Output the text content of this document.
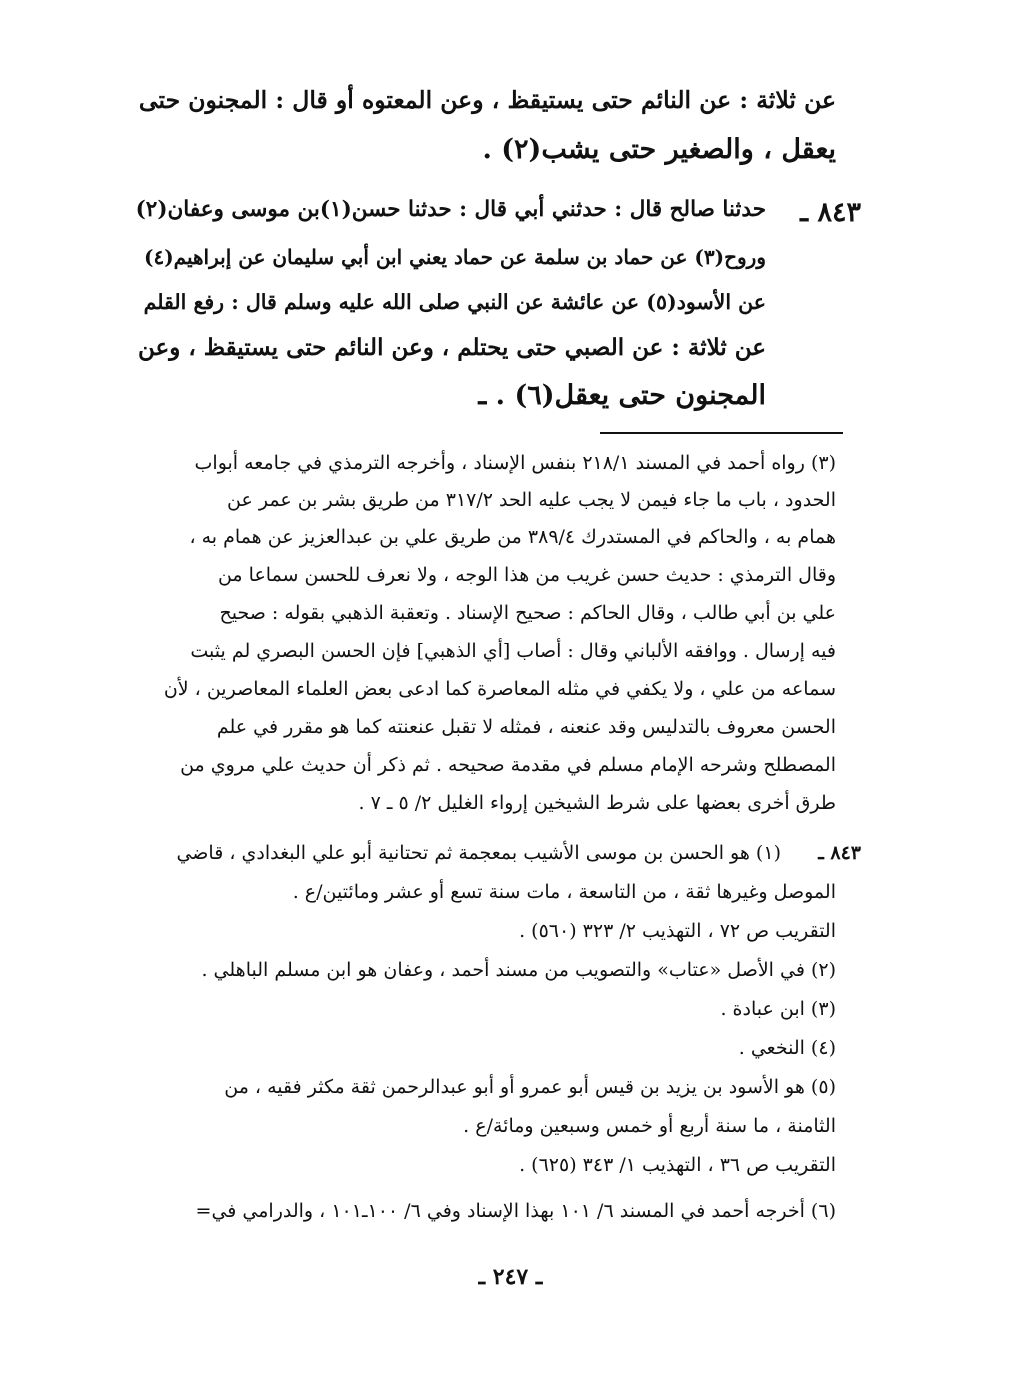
عن ثلاثة : عن النائم حتى يستيقظ ، وعن المعتوه أو قال : المجنون حتى
يعقل ، والصغير حتى يشب(٢) .
٨٤٣ ـ
حدثنا صالح قال : حدثني أبي قال : حدثنا حسن(١)بن موسى وعفان(٢)
وروح(٣) عن حماد بن سلمة عن حماد يعني ابن أبي سليمان عن إبراهيم(٤)
عن الأسود(٥) عن عائشة عن النبي صلى الله عليه وسلم قال : رفع القلم
عن ثلاثة : عن الصبي حتى يحتلم ، وعن النائم حتى يستيقظ ، وعن
المجنون حتى يعقل(٦) . ـ
(٣) رواه أحمد في المسند ٢١٨/١ بنفس الإسناد ، وأخرجه الترمذي في جامعه أبواب
الحدود ، باب ما جاء فيمن لا يجب عليه الحد ٣١٧/٢ من طريق بشر بن عمر عن
همام به ، والحاكم في المستدرك ٣٨٩/٤ من طريق علي بن عبدالعزيز عن همام به ،
وقال الترمذي : حديث حسن غريب من هذا الوجه ، ولا نعرف للحسن سماعا من
علي بن أبي طالب ، وقال الحاكم : صحيح الإسناد . وتعقبة الذهبي بقوله : صحيح
فيه إرسال . ووافقه الألباني وقال : أصاب [أي الذهبي] فإن الحسن البصري لم يثبت
سماعه من علي ، ولا يكفي في مثله المعاصرة كما ادعى بعض العلماء المعاصرين ، لأن
الحسن معروف بالتدليس وقد عنعنه ، فمثله لا تقبل عنعنته كما هو مقرر في علم
المصطلح وشرحه الإمام مسلم في مقدمة صحيحه . ثم ذكر أن حديث علي مروي من
طرق أخرى بعضها على شرط الشيخين إرواء الغليل ٢/ ٥ ـ ٧ .
٨٤٣ ـ
(١) هو الحسن بن موسى الأشيب بمعجمة ثم تحتانية أبو علي البغدادي ، قاضي
الموصل وغيرها ثقة ، من التاسعة ، مات سنة تسع أو عشر ومائتين/ع .
التقريب ص ٧٢ ، التهذيب ٢/ ٣٢٣ (٥٦٠) .
(٢) في الأصل «عتاب» والتصويب من مسند أحمد ، وعفان هو ابن مسلم الباهلي .
(٣) ابن عبادة .
(٤) النخعي .
(٥) هو الأسود بن يزيد بن قيس أبو عمرو أو أبو عبدالرحمن ثقة مكثر فقيه ، من
الثامنة ، ما سنة أربع أو خمس وسبعين ومائة/ع .
التقريب ص ٣٦ ، التهذيب ١/ ٣٤٣ (٦٢٥) .
(٦) أخرجه أحمد في المسند ٦/ ١٠١ بهذا الإسناد وفي ٦/ ١٠٠ـ١٠١ ، والدرامي في=
ـ ٢٤٧ ـ
